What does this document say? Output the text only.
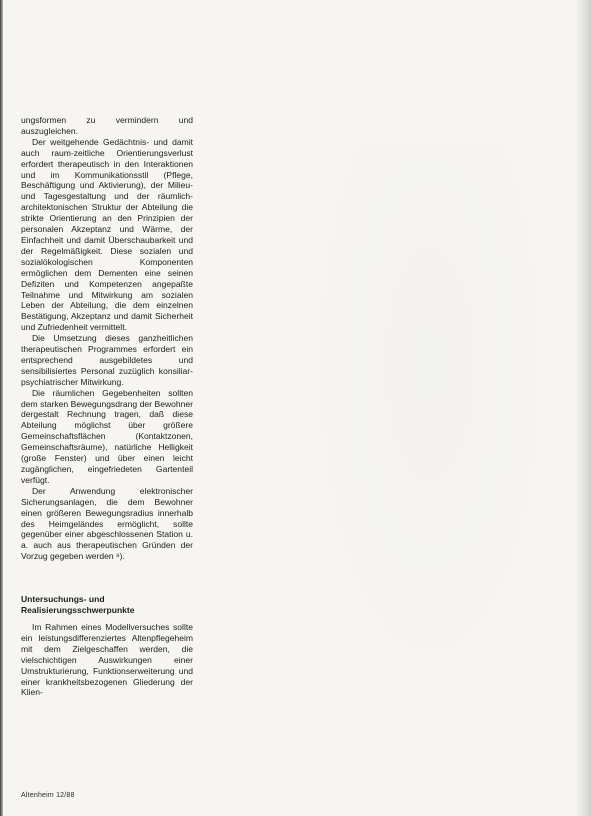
ungsformen zu vermindern und auszugleichen.

Der weitgehende Gedächtnis- und damit auch raum-zeitliche Orientierungsverlust erfordert therapeutisch in den Interaktionen und im Kommunikationsstil (Pflege, Beschäftigung und Aktivierung), der Milieu- und Tagesgestaltung und der räumlich-architektonischen Struktur der Abteilung die strikte Orientierung an den Prinzipien der personalen Akzeptanz und Wärme, der Einfachheit und damit Überschaubarkeit und der Regelmäßigkeit. Diese sozialen und sozialökologischen Komponenten ermöglichen dem Dementen eine seinen Defiziten und Kompetenzen angepaßte Teilnahme und Mitwirkung am sozialen Leben der Abteilung, die dem einzelnen Bestätigung, Akzeptanz und damit Sicherheit und Zufriedenheit vermittelt.

Die Umsetzung dieses ganzheitlichen therapeutischen Programmes erfordert ein entsprechend ausgebildetes und sensibilisiertes Personal zuzüglich konsiliar-psychiatrischer Mitwirkung.

Die räumlichen Gegebenheiten sollten dem starken Bewegungsdrang der Bewohner dergestalt Rechnung tragen, daß diese Abteilung möglichst über größere Gemeinschaftsflächen (Kontaktzonen, Gemeinschaftsräume), natürliche Helligkeit (große Fenster) und über einen leicht zugänglichen, eingefriedeten Gartenteil verfügt.

Der Anwendung elektronischer Sicherungsanlagen, die dem Bewohner einen größeren Bewegungsradius innerhalb des Heimgeländes ermöglicht, sollte gegenüber einer abgeschlossenen Station u. a. auch aus therapeutischen Gründen der Vorzug gegeben werden ⁸).

Untersuchungs- und Realisierungsschwerpunkte

Im Rahmen eines Modellversuches sollte ein leistungsdifferenziertes Altenpflegeheim mit dem Zielgeschaffen werden, die vielschichtigen Auswirkungen einer Umstrukturierung, Funktionserweiterung und einer krankheitsbezogenen Gliederung der Klien-

Altenheim 12/88
